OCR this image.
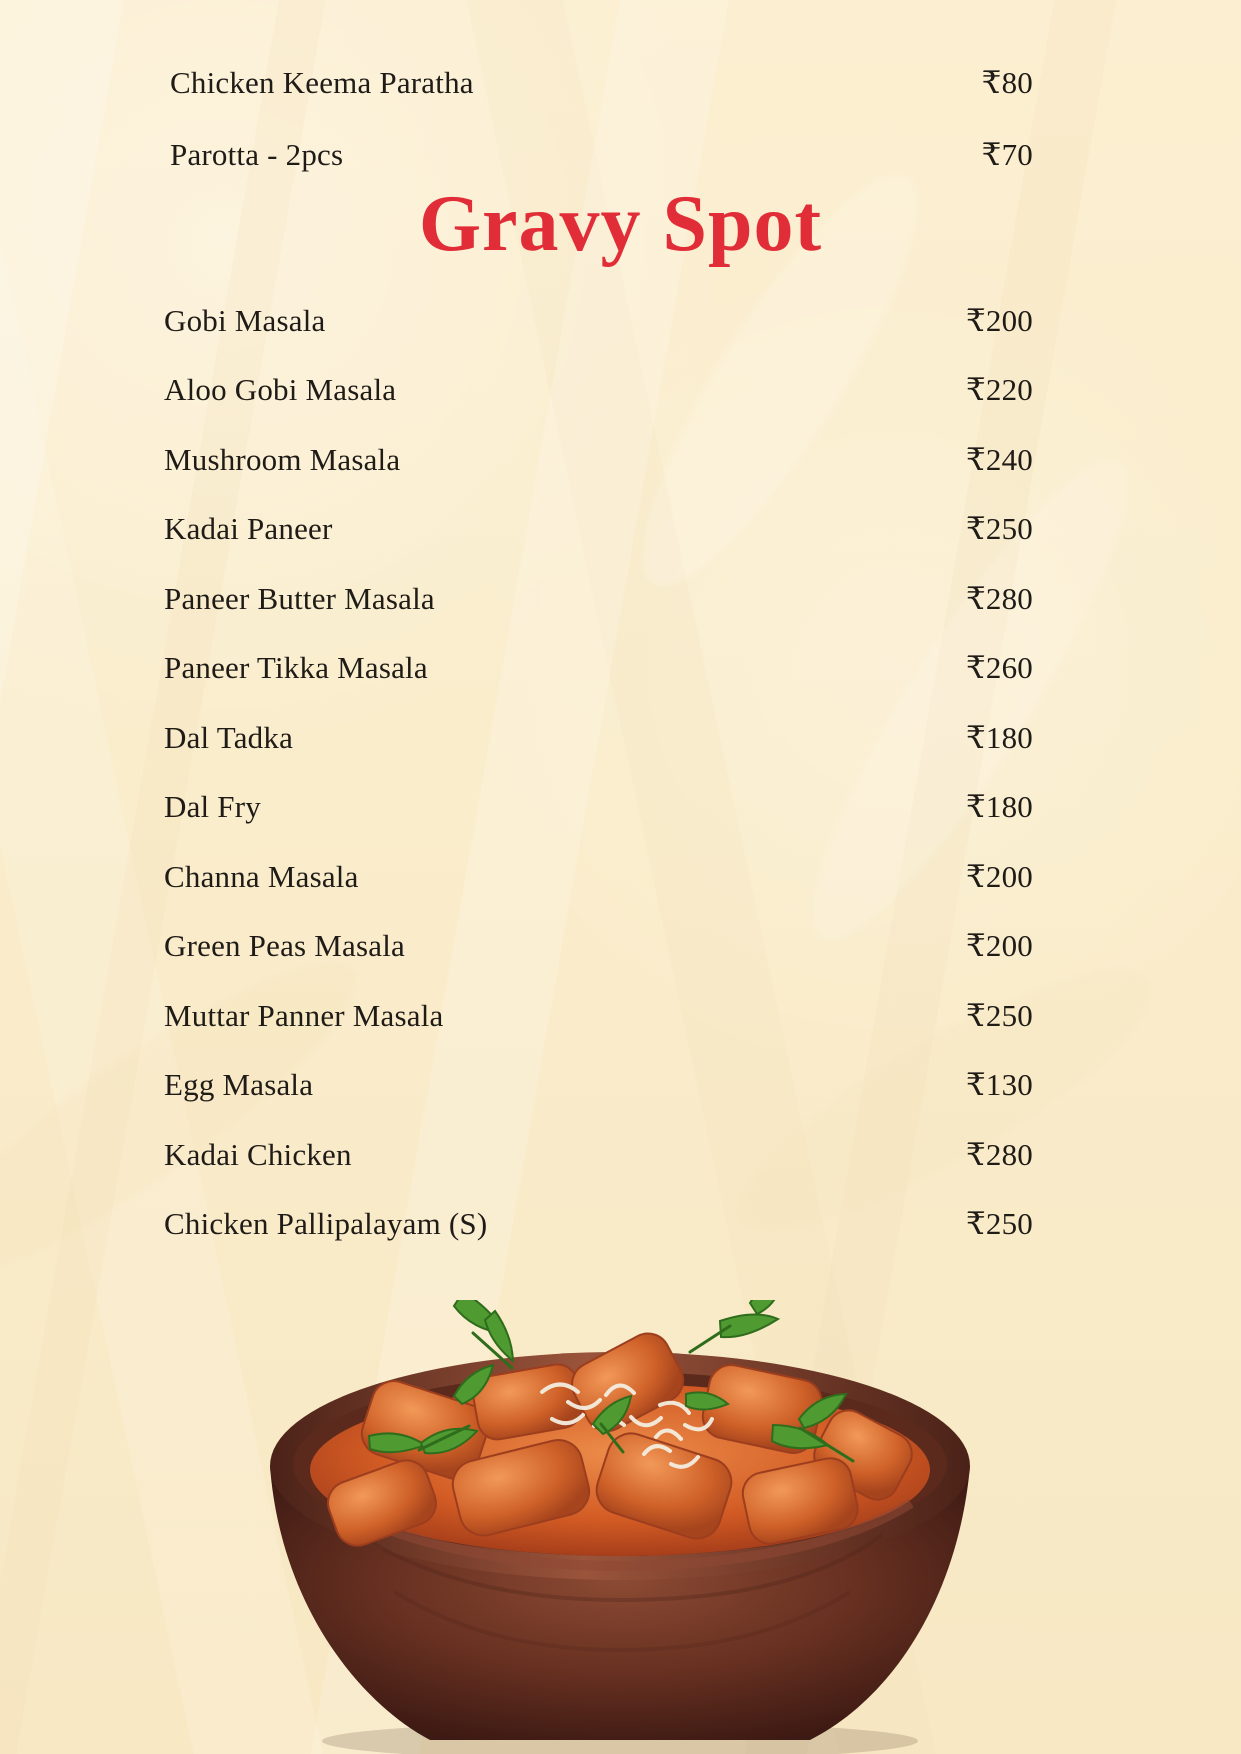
Chicken Keema Paratha	₹80
Parotta - 2pcs	₹70
Gravy Spot
Gobi Masala	₹200
Aloo Gobi Masala	₹220
Mushroom Masala	₹240
Kadai Paneer	₹250
Paneer Butter Masala	₹280
Paneer Tikka Masala	₹260
Dal Tadka	₹180
Dal Fry	₹180
Channa Masala	₹200
Green Peas Masala	₹200
Muttar Panner Masala	₹250
Egg Masala	₹130
Kadai Chicken	₹280
Chicken Pallipalayam (S)	₹250
